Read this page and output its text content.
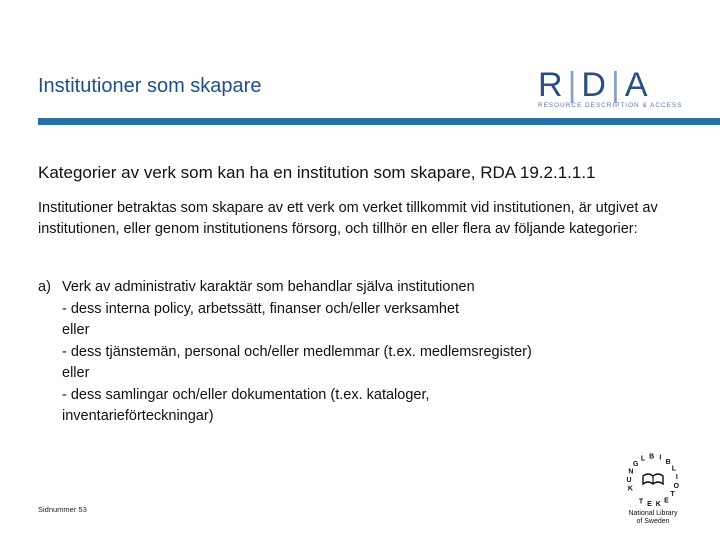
Institutioner som skapare	R|D|A
RESOURCE DESCRIPTION & ACCESS
Kategorier av verk som kan ha en institution som skapare, RDA 19.2.1.1.1
Institutioner betraktas som skapare av ett verk om verket tillkommit vid institutionen, är utgivet av institutionen, eller genom institutionens försorg, och tillhör en eller flera av följande kategorier:
a) Verk av administrativ karaktär som behandlar själva institutionen
- dess interna policy, arbetssätt, finanser och/eller verksamhet
eller
- dess tjänstemän, personal och/eller medlemmar (t.ex. medlemsregister)
eller
- dess samlingar och/eller dokumentation (t.ex. kataloger,
inventarieförteckningar)
Sidnummer 53
K
U
N
G
L B I
B
L
I
O
T
E
K
E
T
National Library
of Sweden
